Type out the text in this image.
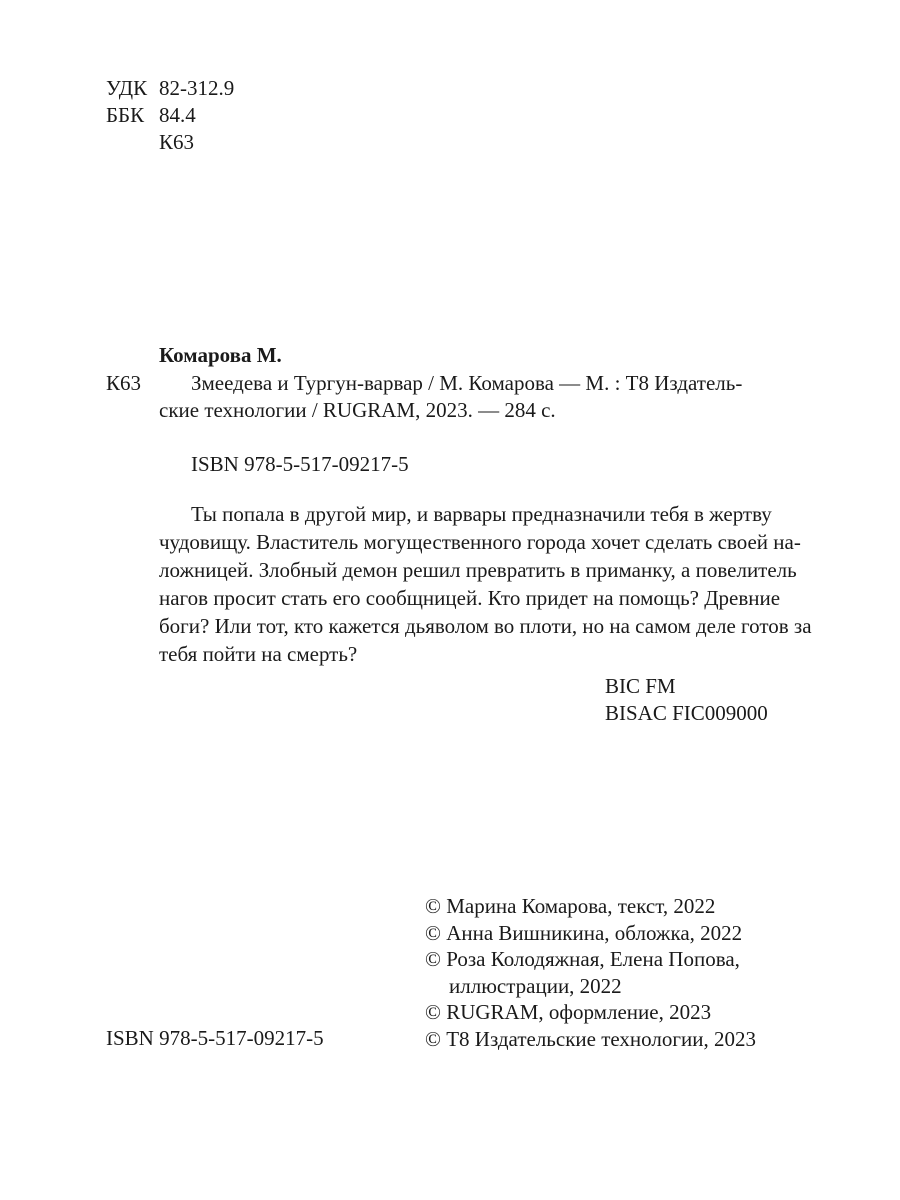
УДК 82-312.9
ББК 84.4
К63
Комарова М.
К63	Змеедева и Тургун-варвар / М. Комарова — М. : Т8 Издатель-
ские технологии / RUGRAM, 2023. — 284 с.
ISBN 978-5-517-09217-5
Ты попала в другой мир, и варвары предназначили тебя в жертву
чудовищу. Властитель могущественного города хочет сделать своей на-
ложницей. Злобный демон решил превратить в приманку, а повелитель
нагов просит стать его сообщницей. Кто придет на помощь? Древние
боги? Или тот, кто кажется дьяволом во плоти, но на самом деле готов за
тебя пойти на смерть?
BIC FM
BISAC FIC009000
© Марина Комарова, текст, 2022
© Анна Вишникина, обложка, 2022
© Роза Колодяжная, Елена Попова,
иллюстрации, 2022
© RUGRAM, оформление, 2023
© Т8 Издательские технологии, 2023
ISBN 978-5-517-09217-5
